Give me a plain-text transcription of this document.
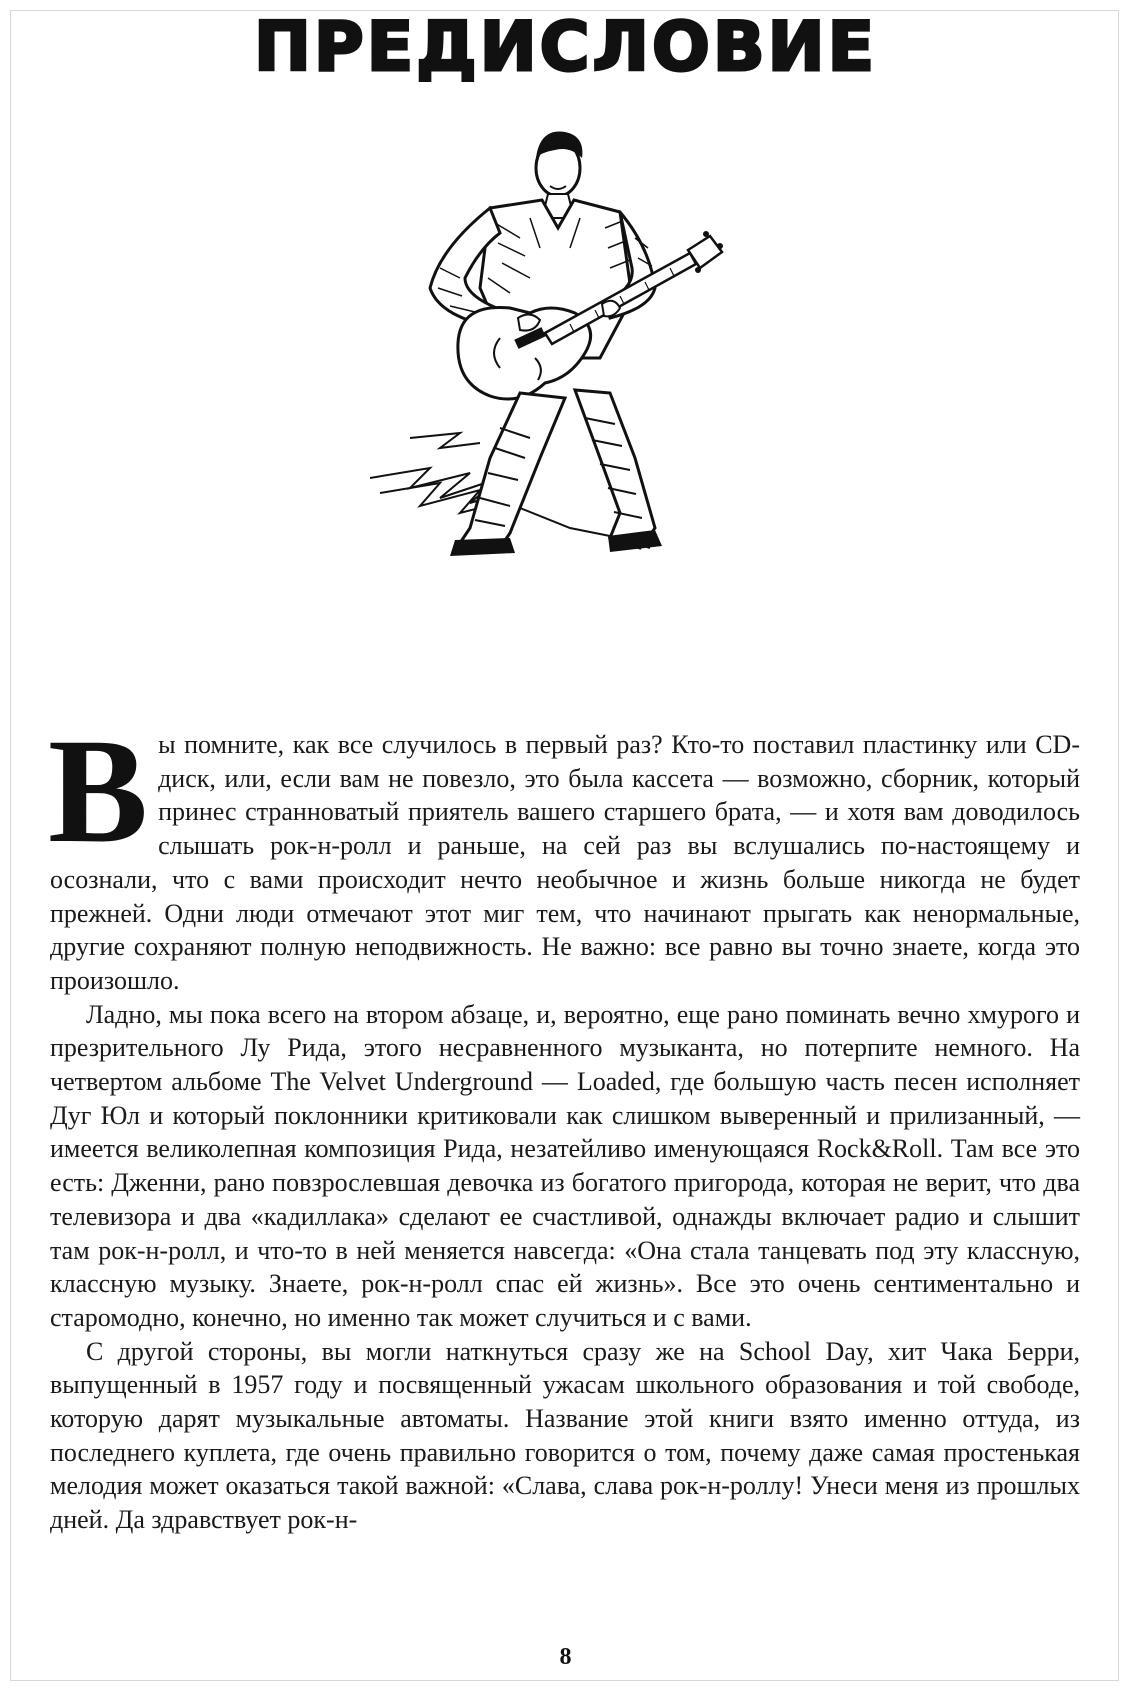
ПРЕДИСЛОВИЕ

Вы помните, как все случилось в первый раз? Кто-то поставил пластинку или CD-диск, или, если вам не повезло, это была кассета — возможно, сборник, который принес странноватый приятель вашего старшего брата, — и хотя вам доводилось слышать рок-н-ролл и раньше, на сей раз вы вслушались по-настоящему и осознали, что с вами происходит нечто необычное и жизнь больше никогда не будет прежней. Одни люди отмечают этот миг тем, что начинают прыгать как ненормальные, другие сохраняют полную неподвижность. Не важно: все равно вы точно знаете, когда это произошло.

Ладно, мы пока всего на втором абзаце, и, вероятно, еще рано поминать вечно хмурого и презрительного Лу Рида, этого несравненного музыканта, но потерпите немного. На четвертом альбоме The Velvet Underground — Loaded, где большую часть песен исполняет Дуг Юл и который поклонники критиковали как слишком выверенный и прилизанный, — имеется великолепная композиция Рида, незатейливо именующаяся Rock&Roll. Там все это есть: Дженни, рано повзрослевшая девочка из богатого пригорода, которая не верит, что два телевизора и два «кадиллака» сделают ее счастливой, однажды включает радио и слышит там рок-н-ролл, и что-то в ней меняется навсегда: «Она стала танцевать под эту классную, классную музыку. Знаете, рок-н-ролл спас ей жизнь». Все это очень сентиментально и старомодно, конечно, но именно так может случиться и с вами.

С другой стороны, вы могли наткнуться сразу же на School Day, хит Чака Берри, выпущенный в 1957 году и посвященный ужасам школьного образования и той свободе, которую дарят музыкальные автоматы. Название этой книги взято именно оттуда, из последнего куплета, где очень правильно говорится о том, почему даже самая простенькая мелодия может оказаться такой важной: «Слава, слава рок-н-роллу! Унеси меня из прошлых дней. Да здравствует рок-н-

8
